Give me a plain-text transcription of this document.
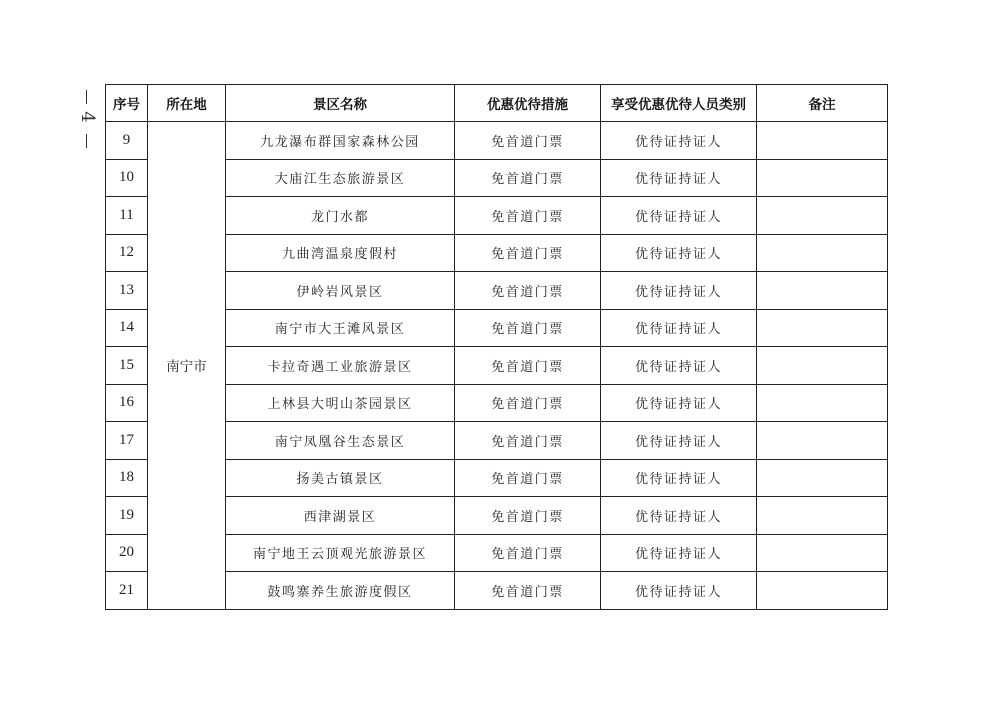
4
序号	所在地	景区名称	优惠优待措施	享受优惠优待人员类别	备注
9	南宁市	九龙瀑布群国家森林公园	免首道门票	优待证持证人	
10		大庙江生态旅游景区	免首道门票	优待证持证人	
11		龙门水都	免首道门票	优待证持证人	
12		九曲湾温泉度假村	免首道门票	优待证持证人	
13		伊岭岩风景区	免首道门票	优待证持证人	
14		南宁市大王滩风景区	免首道门票	优待证持证人	
15		卡拉奇遇工业旅游景区	免首道门票	优待证持证人	
16		上林县大明山茶园景区	免首道门票	优待证持证人	
17		南宁凤凰谷生态景区	免首道门票	优待证持证人	
18		扬美古镇景区	免首道门票	优待证持证人	
19		西津湖景区	免首道门票	优待证持证人	
20		南宁地王云顶观光旅游景区	免首道门票	优待证持证人	
21		鼓鸣寨养生旅游度假区	免首道门票	优待证持证人	
